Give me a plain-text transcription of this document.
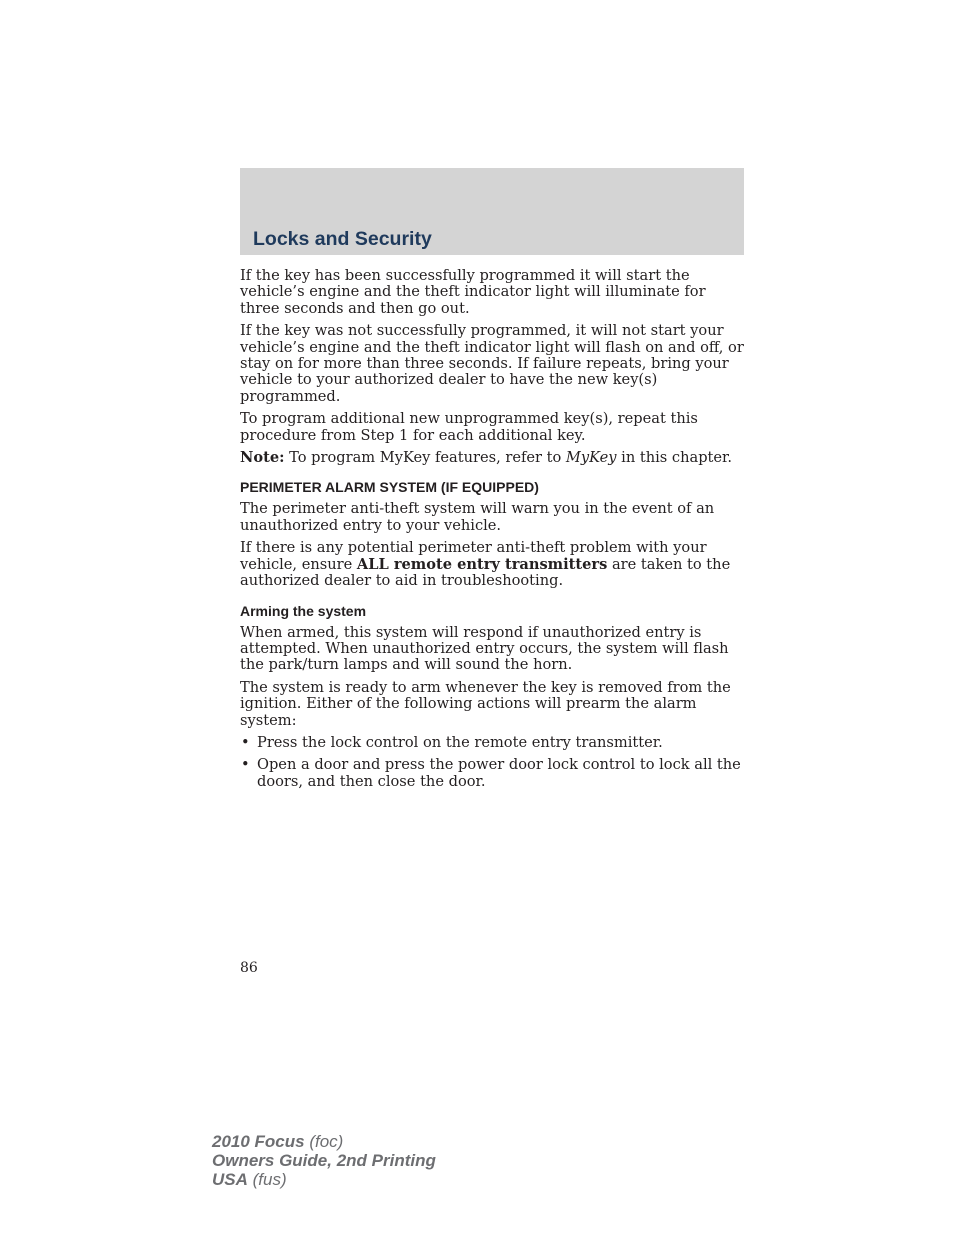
Locks and Security

If the key has been successfully programmed it will start the vehicle’s engine and the theft indicator light will illuminate for three seconds and then go out.

If the key was not successfully programmed, it will not start your vehicle’s engine and the theft indicator light will flash on and off, or stay on for more than three seconds. If failure repeats, bring your vehicle to your authorized dealer to have the new key(s) programmed.

To program additional new unprogrammed key(s), repeat this procedure from Step 1 for each additional key.

Note: To program MyKey features, refer to MyKey in this chapter.

PERIMETER ALARM SYSTEM (IF EQUIPPED)

The perimeter anti-theft system will warn you in the event of an unauthorized entry to your vehicle.

If there is any potential perimeter anti-theft problem with your vehicle, ensure ALL remote entry transmitters are taken to the authorized dealer to aid in troubleshooting.

Arming the system

When armed, this system will respond if unauthorized entry is attempted. When unauthorized entry occurs, the system will flash the park/turn lamps and will sound the horn.

The system is ready to arm whenever the key is removed from the ignition. Either of the following actions will prearm the alarm system:

• Press the lock control on the remote entry transmitter.
• Open a door and press the power door lock control to lock all the doors, and then close the door.
86
2010 Focus (foc)
Owners Guide, 2nd Printing
USA (fus)
